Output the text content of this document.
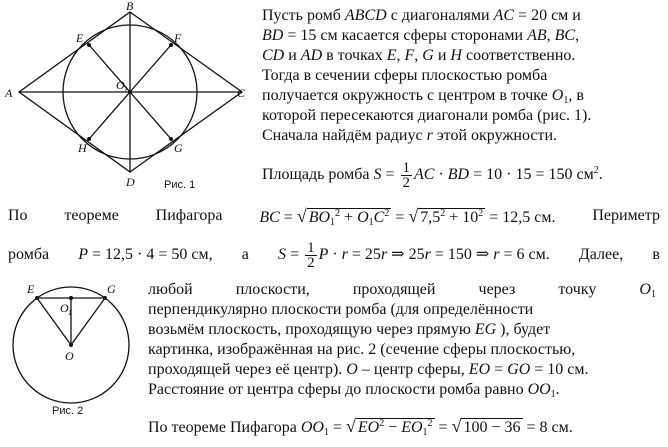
B
A	C
D
E	F
G
H
O 1
Рис. 1
Пусть ромб ABCD с диагоналями AC = 20 см и
BD = 15 см касается сферы сторонами AB, BC,
CD и AD в точках E, F, G и H соответственно.
Тогда в сечении сферы плоскостью ромба
получается окружность с центром в точке $O_1$, в
которой пересекаются диагонали ромба (рис. 1).
Сначала найдём радиус r этой окружности.
Площадь ромба $S = \frac{1}{2}$ AC · BD = 10 · 15 = 150 $см^2$.
По теореме Пифагора BC = √ $BO_1^2 + O_1C^2$ = √ $7,5^2 + 10^2 = 12,5$ см. Периметр
ромба P = 12,5 · 4 = 50 см, а $S = \frac{1}{2}$ P · r = 25r ⇒ 25r = 150 ⇒ r = 6 см. Далее, в
E	G
O 1
O
Рис. 2
любой	плоскости,	проходящей	через	точку	$O_1$
перпендикулярно плоскости ромба (для определённости
возьмём плоскость, проходящую через прямую EG ), будет
картинка, изображённая на рис. 2 (сечение сферы плоскостью,
проходящей через её центр). O – центр сферы, EO = GO = 10 см.
Расстояние от центра сферы до плоскости ромба равно $OO_1$.
По теореме Пифагора $OO_1$ = √ $EO^2 - EO_1^2$ = √ 100 − 36 = 8 см.
